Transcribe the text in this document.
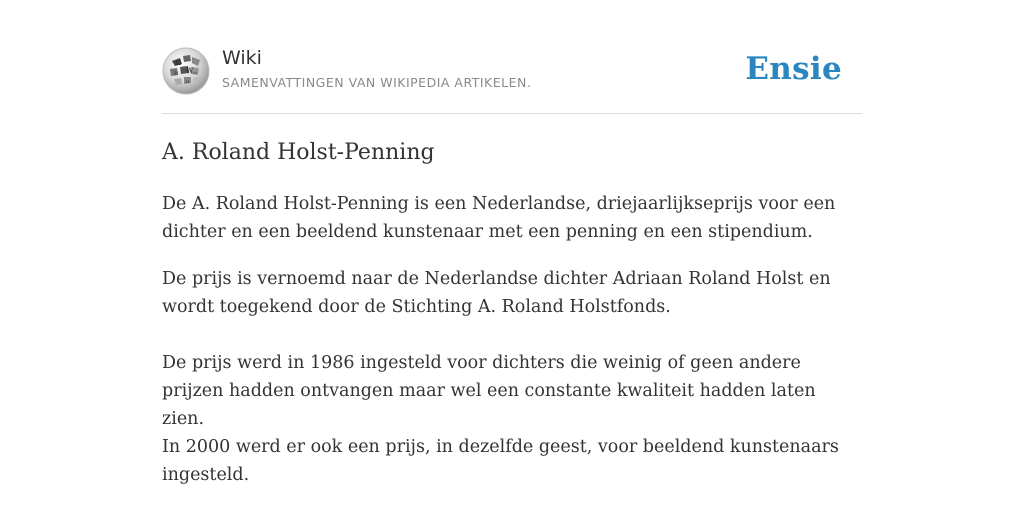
Ω
W
И	ω
α
Wiki
SAMENVATTINGEN VAN WIKIPEDIA ARTIKELEN.	Ensie
A. Roland Holst-Penning

De A. Roland Holst-Penning is een Nederlandse, driejaarlijkseprijs voor een dichter en een beeldend kunstenaar met een penning en een stipendium.

De prijs is vernoemd naar de Nederlandse dichter Adriaan Roland Holst en wordt toegekend door de Stichting A. Roland Holstfonds.

De prijs werd in 1986 ingesteld voor dichters die weinig of geen andere prijzen hadden ontvangen maar wel een constante kwaliteit hadden laten zien.

In 2000 werd er ook een prijs, in dezelfde geest, voor beeldend kunstenaars ingesteld.
